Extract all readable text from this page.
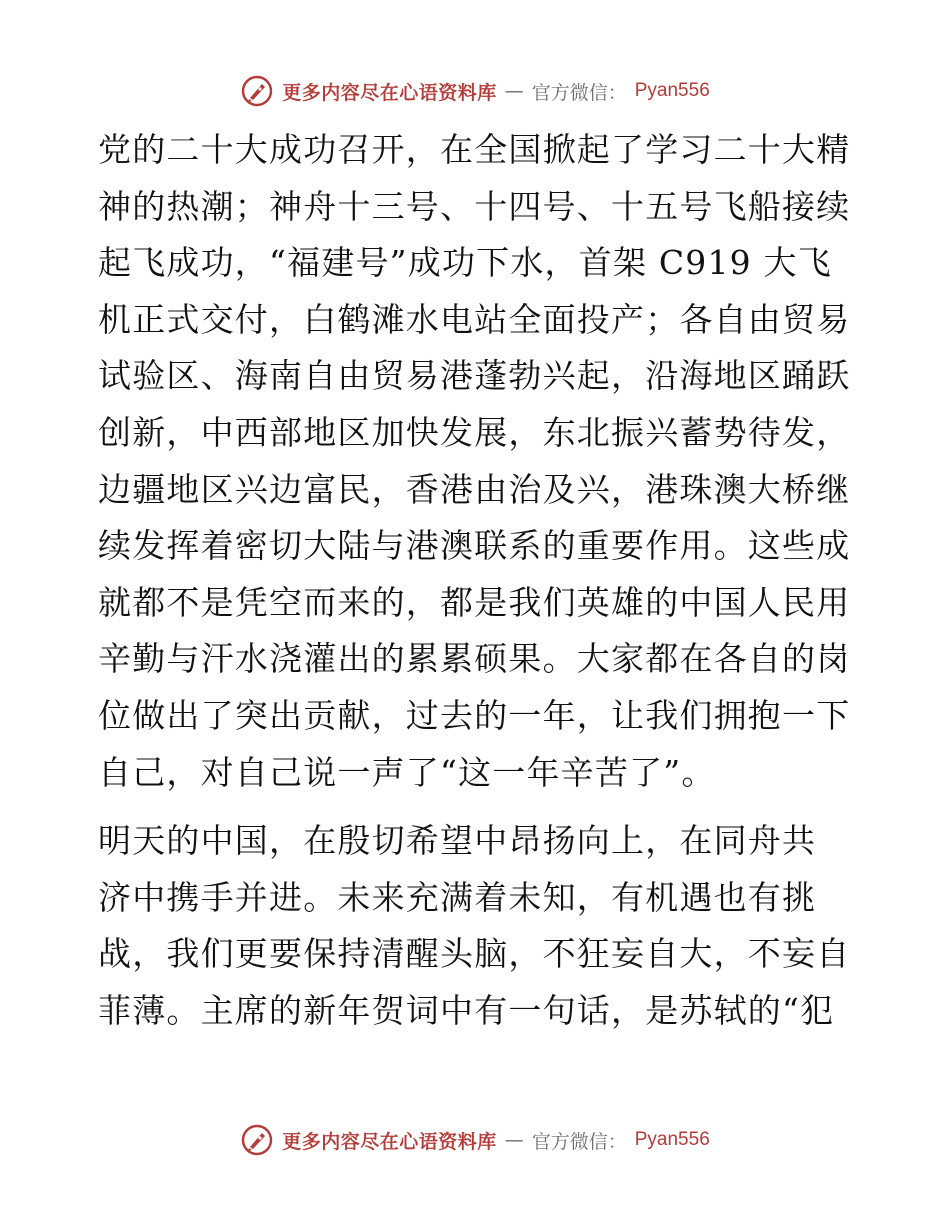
更多内容尽在心语资料库 — 官方微信： Pyan556
党的二十大成功召开，在全国掀起了学习二十大精
神的热潮；神舟十三号、十四号、十五号飞船接续
起飞成功，“福建号”成功下水，首架 C919 大飞
机正式交付，白鹤滩水电站全面投产；各自由贸易
试验区、海南自由贸易港蓬勃兴起，沿海地区踊跃
创新，中西部地区加快发展，东北振兴蓄势待发，
边疆地区兴边富民，香港由治及兴，港珠澳大桥继
续发挥着密切大陆与港澳联系的重要作用。这些成
就都不是凭空而来的，都是我们英雄的中国人民用
辛勤与汗水浇灌出的累累硕果。大家都在各自的岗
位做出了突出贡献，过去的一年，让我们拥抱一下
自己，对自己说一声了“这一年辛苦了”。
明天的中国，在殷切希望中昂扬向上，在同舟共
济中携手并进。未来充满着未知，有机遇也有挑
战，我们更要保持清醒头脑，不狂妄自大，不妄自
菲薄。主席的新年贺词中有一句话，是苏轼的“犯
更多内容尽在心语资料库 — 官方微信： Pyan556
